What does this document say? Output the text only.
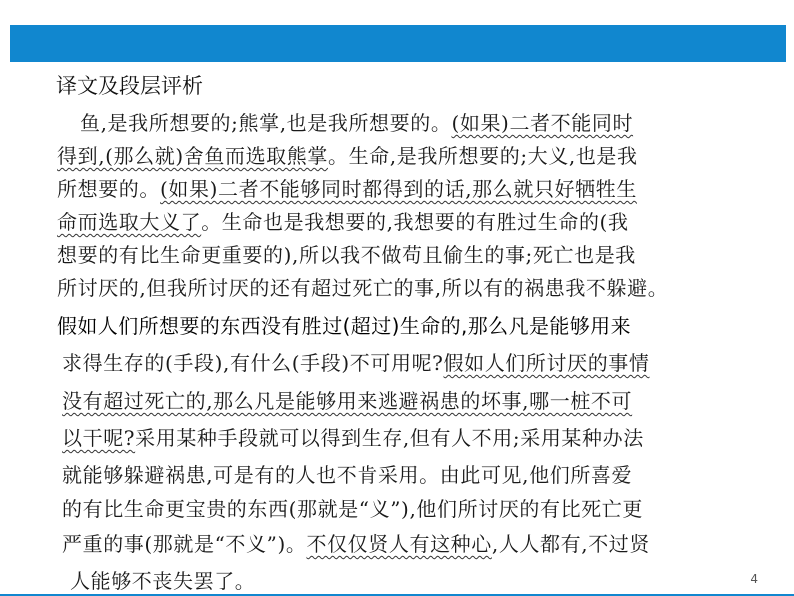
译文及段层评析
鱼,是我所想要的;熊掌,也是我所想要的。(如果)二者不能同时
得到,(那么就)舍鱼而选取熊掌。生命,是我所想要的;大义,也是我
所想要的。(如果)二者不能够同时都得到的话,那么就只好牺牲生
命而选取大义了。生命也是我想要的,我想要的有胜过生命的(我
想要的有比生命更重要的),所以我不做苟且偷生的事;死亡也是我
所讨厌的,但我所讨厌的还有超过死亡的事,所以有的祸患我不躲避。
假如人们所想要的东西没有胜过(超过)生命的,那么凡是能够用来
求得生存的(手段),有什么(手段)不可用呢?假如人们所讨厌的事情
没有超过死亡的,那么凡是能够用来逃避祸患的坏事,哪一桩不可
以干呢?采用某种手段就可以得到生存,但有人不用;采用某种办法
就能够躲避祸患,可是有的人也不肯采用。由此可见,他们所喜爱
的有比生命更宝贵的东西(那就是“义”),他们所讨厌的有比死亡更
严重的事(那就是“不义”)。不仅仅贤人有这种心,人人都有,不过贤
人能够不丧失罢了。	4
